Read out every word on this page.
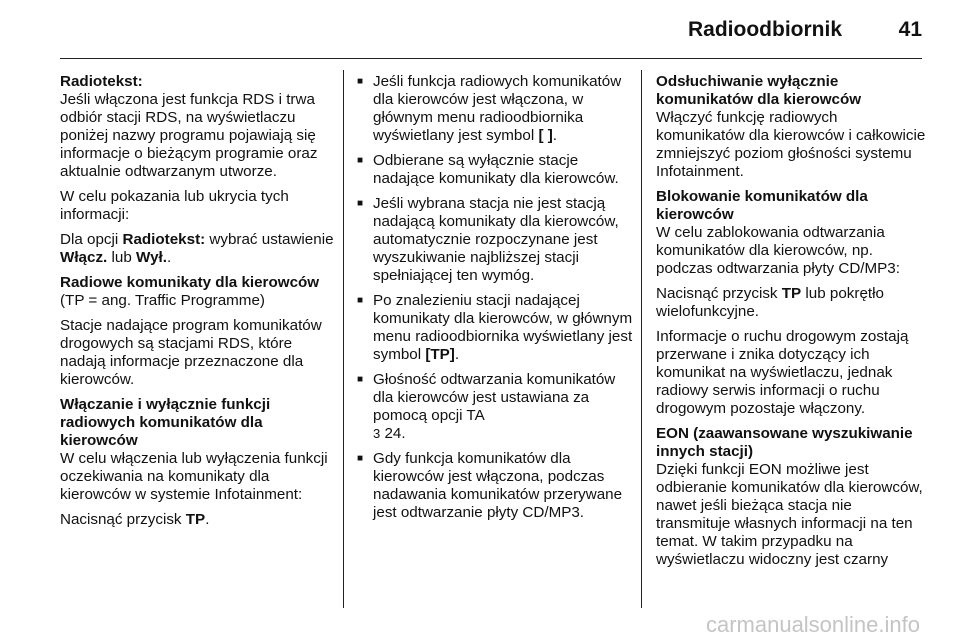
Radioodbiornik	41
Radiotekst:

Jeśli włączona jest funkcja RDS i trwa odbiór stacji RDS, na wyświetlaczu poniżej nazwy programu pojawiają się informacje o bieżącym programie oraz aktualnie odtwarzanym utworze.

W celu pokazania lub ukrycia tych informacji:

Dla opcji Radiotekst: wybrać ustawienie Włącz. lub Wył..

Radiowe komunikaty dla kierowców

(TP = ang. Traffic Programme)

Stacje nadające program komunikatów drogowych są stacjami RDS, które nadają informacje przeznaczone dla kierowców.

Włączanie i wyłącznie funkcji radiowych komunikatów dla kierowców

W celu włączenia lub wyłączenia funkcji oczekiwania na komunikaty dla kierowców w systemie Infotainment:

Nacisnąć przycisk TP.

■ Jeśli funkcja radiowych komunikatów dla kierowców jest włączona, w głównym menu radioodbiornika wyświetlany jest symbol [ ].
■ Odbierane są wyłącznie stacje nadające komunikaty dla kierowców.
■ Jeśli wybrana stacja nie jest stacją nadającą komunikaty dla kierowców, automatycznie rozpoczynane jest wyszukiwanie najbliższej stacji spełniającej ten wymóg.
■ Po znalezieniu stacji nadającej komunikaty dla kierowców, w głównym menu radioodbiornika wyświetlany jest symbol [TP].
■ Głośność odtwarzania komunikatów dla kierowców jest ustawiana za pomocą opcji TA
3 24.
■ Gdy funkcja komunikatów dla kierowców jest włączona, podczas nadawania komunikatów przerywane jest odtwarzanie płyty CD/MP3.
Odsłuchiwanie wyłącznie komunikatów dla kierowców

Włączyć funkcję radiowych komunikatów dla kierowców i całkowicie zmniejszyć poziom głośności systemu Infotainment.

Blokowanie komunikatów dla kierowców

W celu zablokowania odtwarzania komunikatów dla kierowców, np. podczas odtwarzania płyty CD/MP3:

Nacisnąć przycisk TP lub pokrętło wielofunkcyjne.

Informacje o ruchu drogowym zostają przerwane i znika dotyczący ich komunikat na wyświetlaczu, jednak radiowy serwis informacji o ruchu drogowym pozostaje włączony.

EON (zaawansowane wyszukiwanie innych stacji)

Dzięki funkcji EON możliwe jest odbieranie komunikatów dla kierowców, nawet jeśli bieżąca stacja nie transmituje własnych informacji na ten temat. W takim przypadku na wyświetlaczu widoczny jest czarny

carmanualsonline.info
